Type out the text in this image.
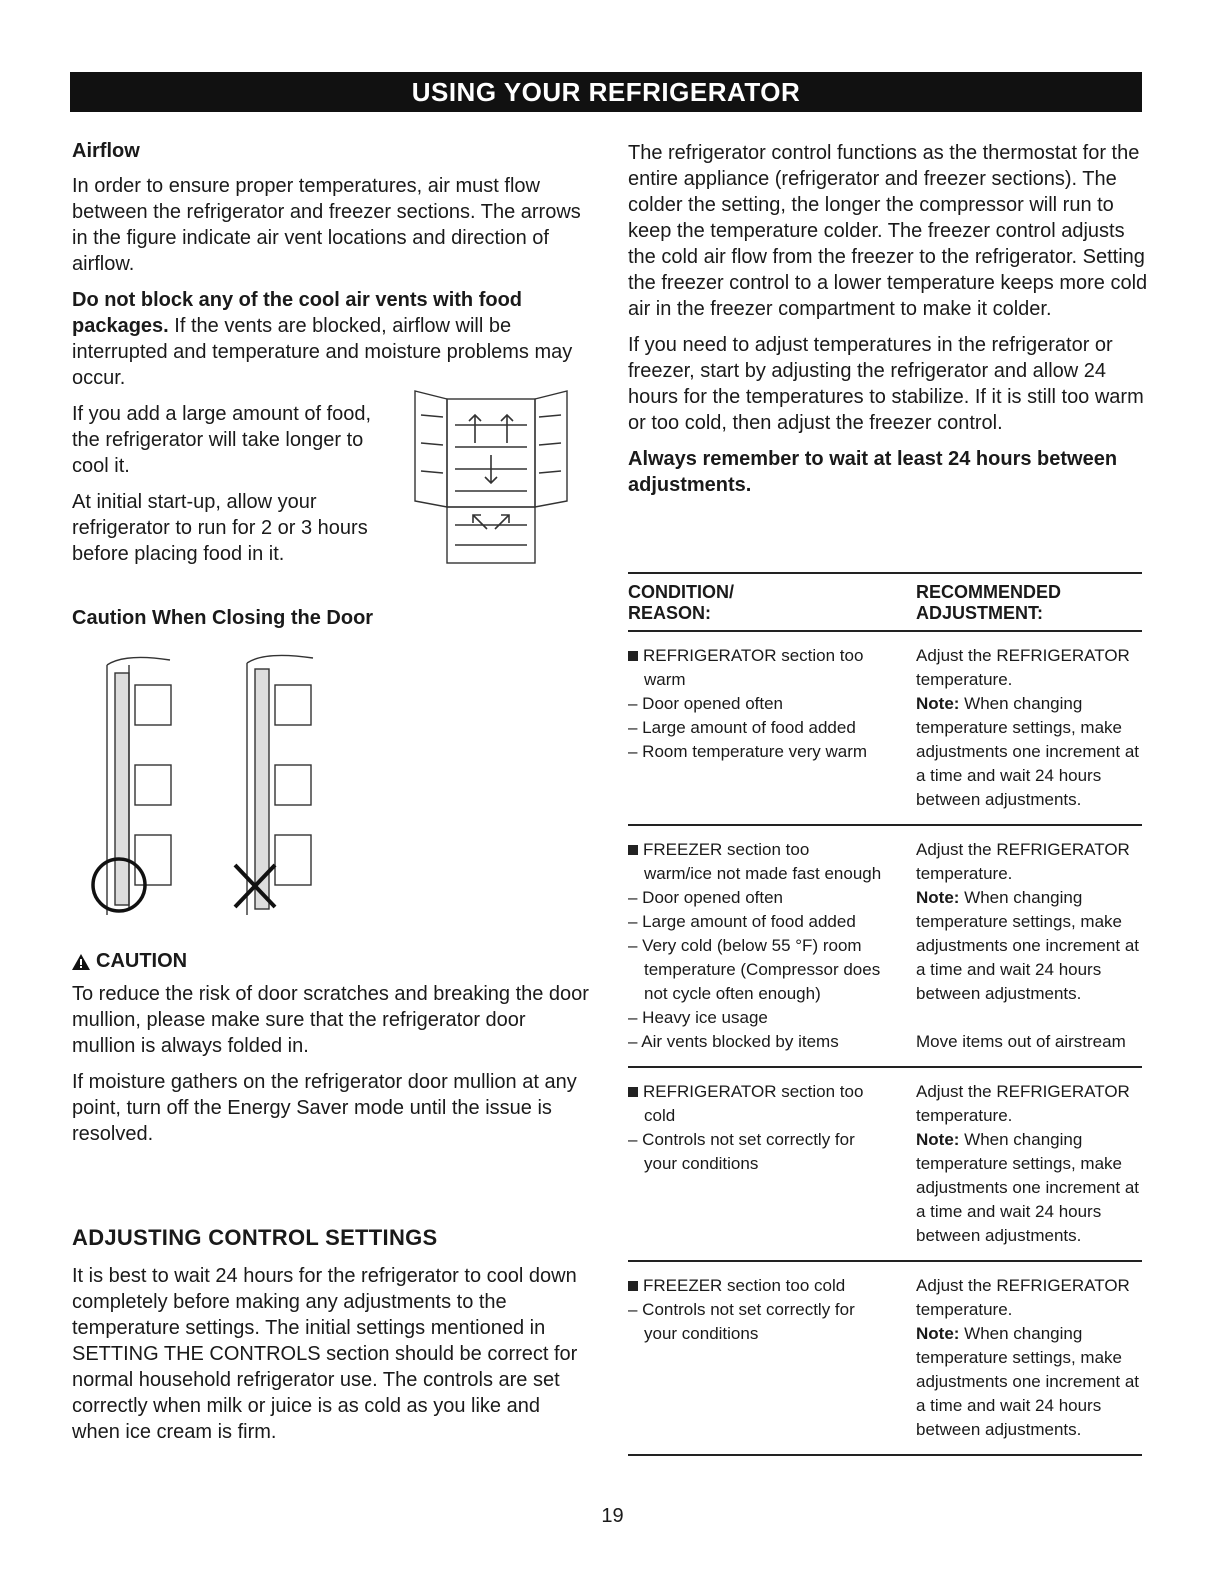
USING YOUR REFRIGERATOR
Airflow

In order to ensure proper temperatures, air must flow between the refrigerator and freezer sections. The arrows in the figure indicate air vent locations and direction of airflow.

Do not block any of the cool air vents with food packages. If the vents are blocked, airflow will be interrupted and temperature and moisture problems may occur.

If you add a large amount of food, the refrigerator will take longer to cool it.

At initial start-up, allow your refrigerator to run for 2 or 3 hours before placing food in it.

Caution When Closing the Door
CAUTION

To reduce the risk of door scratches and breaking the door mullion, please make sure that the refrigerator door mullion is always folded in.

If moisture gathers on the refrigerator door mullion at any point, turn off the Energy Saver mode until the issue is resolved.

ADJUSTING CONTROL SETTINGS

It is best to wait 24 hours for the refrigerator to cool down completely before making any adjustments to the temperature settings. The initial settings mentioned in SETTING THE CONTROLS section should be correct for normal household refrigerator use. The controls are set correctly when milk or juice is as cold as you like and when ice cream is firm.

The refrigerator control functions as the thermostat for the entire appliance (refrigerator and freezer sections). The colder the setting, the longer the compressor will run to keep the temperature colder. The freezer control adjusts the cold air flow from the freezer to the refrigerator. Setting the freezer control to a lower temperature keeps more cold air in the freezer compartment to make it colder.

If you need to adjust temperatures in the refrigerator or freezer, start by adjusting the refrigerator and allow 24 hours for the temperatures to stabilize. If it is still too warm or too cold, then adjust the freezer control.

Always remember to wait at least 24 hours between adjustments.

CONDITION/
REASON:
RECOMMENDED
ADJUSTMENT:
REFRIGERATOR section too
warm
– Door opened often
– Large amount of food added
– Room temperature very warm
Adjust the REFRIGERATOR temperature.
Note: When changing temperature settings, make adjustments one increment at a time and wait 24 hours between adjustments.
FREEZER section too
warm/ice not made fast enough
– Door opened often
– Large amount of food added
– Very cold (below 55 °F) room
temperature (Compressor does
not cycle often enough)
– Heavy ice usage
– Air vents blocked by items
Adjust the REFRIGERATOR temperature.
Note: When changing temperature settings, make adjustments one increment at a time and wait 24 hours between adjustments.
Move items out of airstream
REFRIGERATOR section too
cold
– Controls not set correctly for
your conditions
Adjust the REFRIGERATOR temperature.
Note: When changing temperature settings, make adjustments one increment at a time and wait 24 hours between adjustments.
FREEZER section too cold
– Controls not set correctly for
your conditions
Adjust the REFRIGERATOR temperature.
Note: When changing temperature settings, make adjustments one increment at a time and wait 24 hours between adjustments.
19
